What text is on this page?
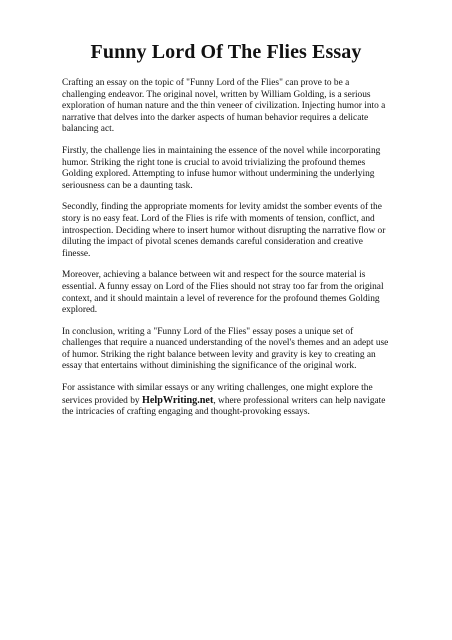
Funny Lord Of The Flies Essay

Crafting an essay on the topic of "Funny Lord of the Flies" can prove to be a challenging endeavor. The original novel, written by William Golding, is a serious exploration of human nature and the thin veneer of civilization. Injecting humor into a narrative that delves into the darker aspects of human behavior requires a delicate balancing act.

Firstly, the challenge lies in maintaining the essence of the novel while incorporating humor. Striking the right tone is crucial to avoid trivializing the profound themes Golding explored. Attempting to infuse humor without undermining the underlying seriousness can be a daunting task.

Secondly, finding the appropriate moments for levity amidst the somber events of the story is no easy feat. Lord of the Flies is rife with moments of tension, conflict, and introspection. Deciding where to insert humor without disrupting the narrative flow or diluting the impact of pivotal scenes demands careful consideration and creative finesse.

Moreover, achieving a balance between wit and respect for the source material is essential. A funny essay on Lord of the Flies should not stray too far from the original context, and it should maintain a level of reverence for the profound themes Golding explored.

In conclusion, writing a "Funny Lord of the Flies" essay poses a unique set of challenges that require a nuanced understanding of the novel's themes and an adept use of humor. Striking the right balance between levity and gravity is key to creating an essay that entertains without diminishing the significance of the original work.

For assistance with similar essays or any writing challenges, one might explore the services provided by HelpWriting.net, where professional writers can help navigate the intricacies of crafting engaging and thought-provoking essays.
